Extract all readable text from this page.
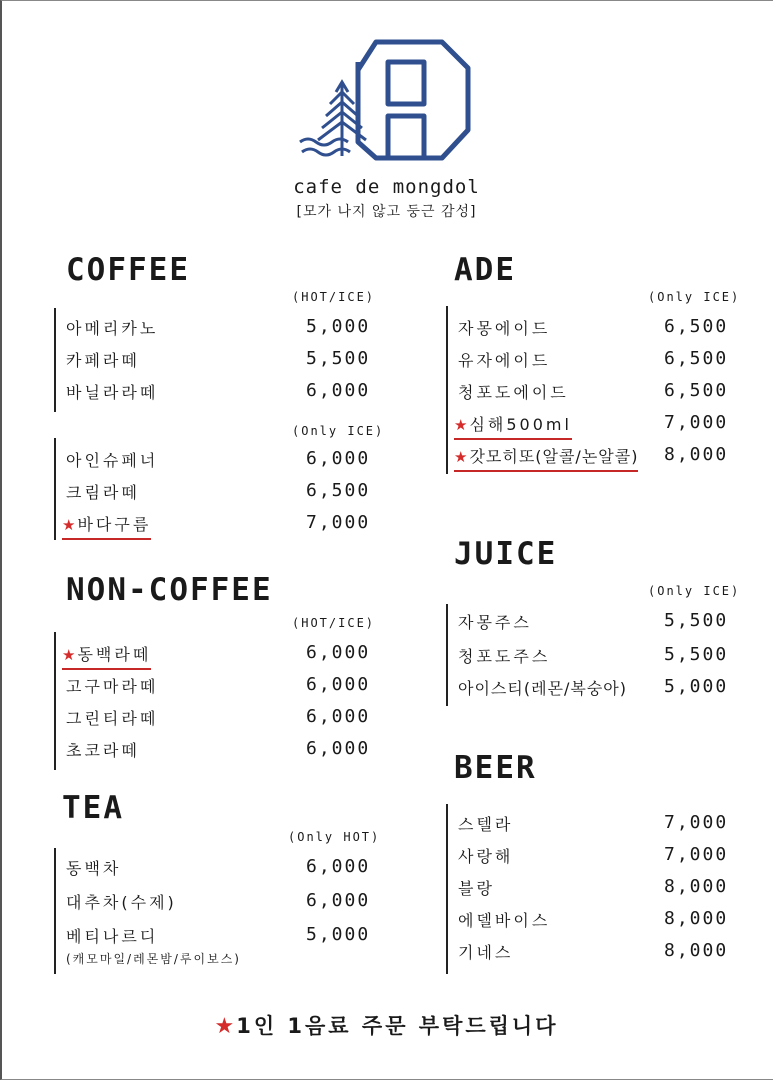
cafe de mongdol
[모가 나지 않고 둥근 감성]
COFFEE
(HOT/ICE)
아메리카노	5,000
카페라떼	5,500
바닐라라떼	6,000
(Only ICE)
아인슈페너	6,000
크림라떼	6,500
★ 바다구름	7,000
NON-COFFEE
(HOT/ICE)
★ 동백라떼	6,000
고구마라떼	6,000
그린티라떼	6,000
초코라떼	6,000
TEA
(Only HOT)
동백차	6,000
대추차(수제)	6,000
베티나르디	5,000
(캐모마일/레몬밤/루이보스)
ADE
(Only ICE)
자몽에이드	6,500
유자에이드	6,500
청포도에이드	6,500
★ 심해500ml	7,000
★ 갓모히또(알콜/논알콜) 8,000
JUICE
(Only ICE)
자몽주스	5,500
청포도주스	5,500
아이스티(레몬/복숭아) 5,000
BEER
스텔라	7,000
사랑해	7,000
블랑	8,000
에델바이스	8,000
기네스	8,000
★1인 1음료 주문 부탁드립니다
